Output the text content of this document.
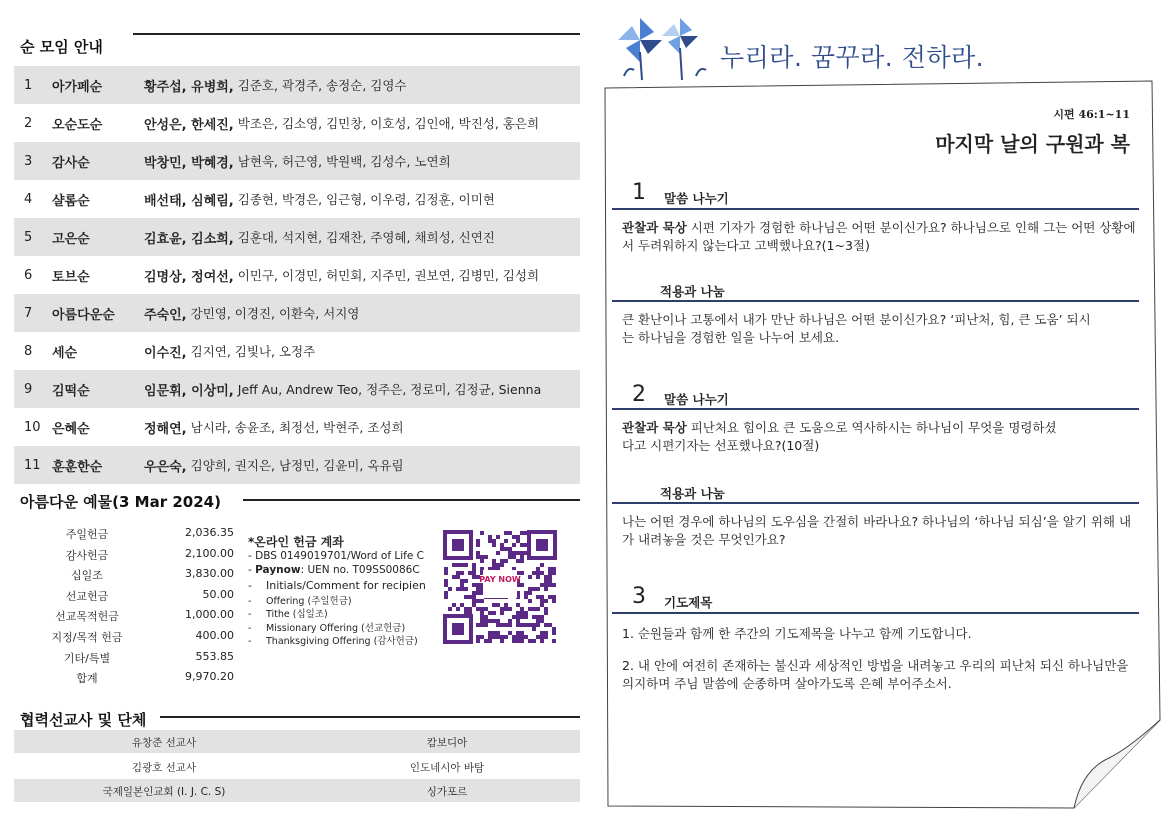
순 모임 안내
1	아가페순	황주섭, 유병희, 김준호, 곽경주, 송정순, 김영수
2	오순도순	안성은, 한세진, 박조은, 김소영, 김민창, 이호성, 김인애, 박진성, 홍은희
3	감사순	박창민, 박혜경, 남현욱, 허근영, 박원백, 김성수, 노연희
4	샬롬순	배선태, 심혜림, 김종현, 박경은, 임근형, 이우령, 김정훈, 이미현
5	고은순	김효윤, 김소희, 김훈대, 석지현, 김재찬, 주영혜, 채희성, 신연진
6	토브순	김명상, 정여선, 이민구, 이경민, 허민회, 지주민, 권보연, 김병민, 김성희
7	아름다운순	주숙인, 강민영, 이경진, 이환숙, 서지영
8	세순	이수진, 김지연, 김빛나, 오정주
9	김떡순	임문휘, 이상미, Jeff Au, Andrew Teo, 정주은, 정로미, 김정균, Sienna
10 은혜순	정해연, 남시라, 송윤조, 최정선, 박현주, 조성희
11 훈훈한순	우은숙, 김양희, 권지은, 남정민, 김윤미, 옥유림
아름다운 예물(3 Mar 2024)
주일헌금	2,036.35
감사헌금	2,100.00
십일조	3,830.00
선교헌금	50.00
선교목적헌금	1,000.00
지정/목적 헌금	400.00
기타/특별	553.85
합계	9,970.20
*온라인 헌금 계좌
- DBS 0149019701/Word of Life C
- Paynow: UEN no. T09SS0086C
- Initials/Comment for recipien
- Offering (주일헌금)
- Tithe (십일조)
- Missionary Offering (선교헌금)
- Thanksgiving Offering (감사헌금)
PAY NOW
협력선교사 및 단체
유창준 선교사	캄보디아
김광호 선교사	인도네시아 바탐
국제일본인교회 (I. J. C. S)	싱가포르
누리라. 꿈꾸라. 전하라.
시편 46:1~11
마지막 날의 구원과 복
1 말씀 나누기
관찰과 묵상 시편 기자가 경험한 하나님은 어떤 분이신가요? 하나님으로 인해 그는 어떤 상황에서 두려워하지 않는다고 고백했나요?(1~3절)
적용과 나눔
큰 환난이나 고통에서 내가 만난 하나님은 어떤 분이신가요? ‘피난처, 힘, 큰 도움’ 되시는 하나님을 경험한 일을 나누어 보세요.
2 말씀 나누기
관찰과 묵상 피난처요 힘이요 큰 도움으로 역사하시는 하나님이 무엇을 명령하셨다고 시편기자는 선포했나요?(10절)
적용과 나눔
나는 어떤 경우에 하나님의 도우심을 간절히 바라나요? 하나님의 ‘하나님 되심’을 알기 위해 내가 내려놓을 것은 무엇인가요?
3 기도제목
1. 순원들과 함께 한 주간의 기도제목을 나누고 함께 기도합니다.
2. 내 안에 여전히 존재하는 불신과 세상적인 방법을 내려놓고 우리의 피난처 되신 하나님만을 의지하며 주님 말씀에 순종하며 살아가도록 은혜 부어주소서.
